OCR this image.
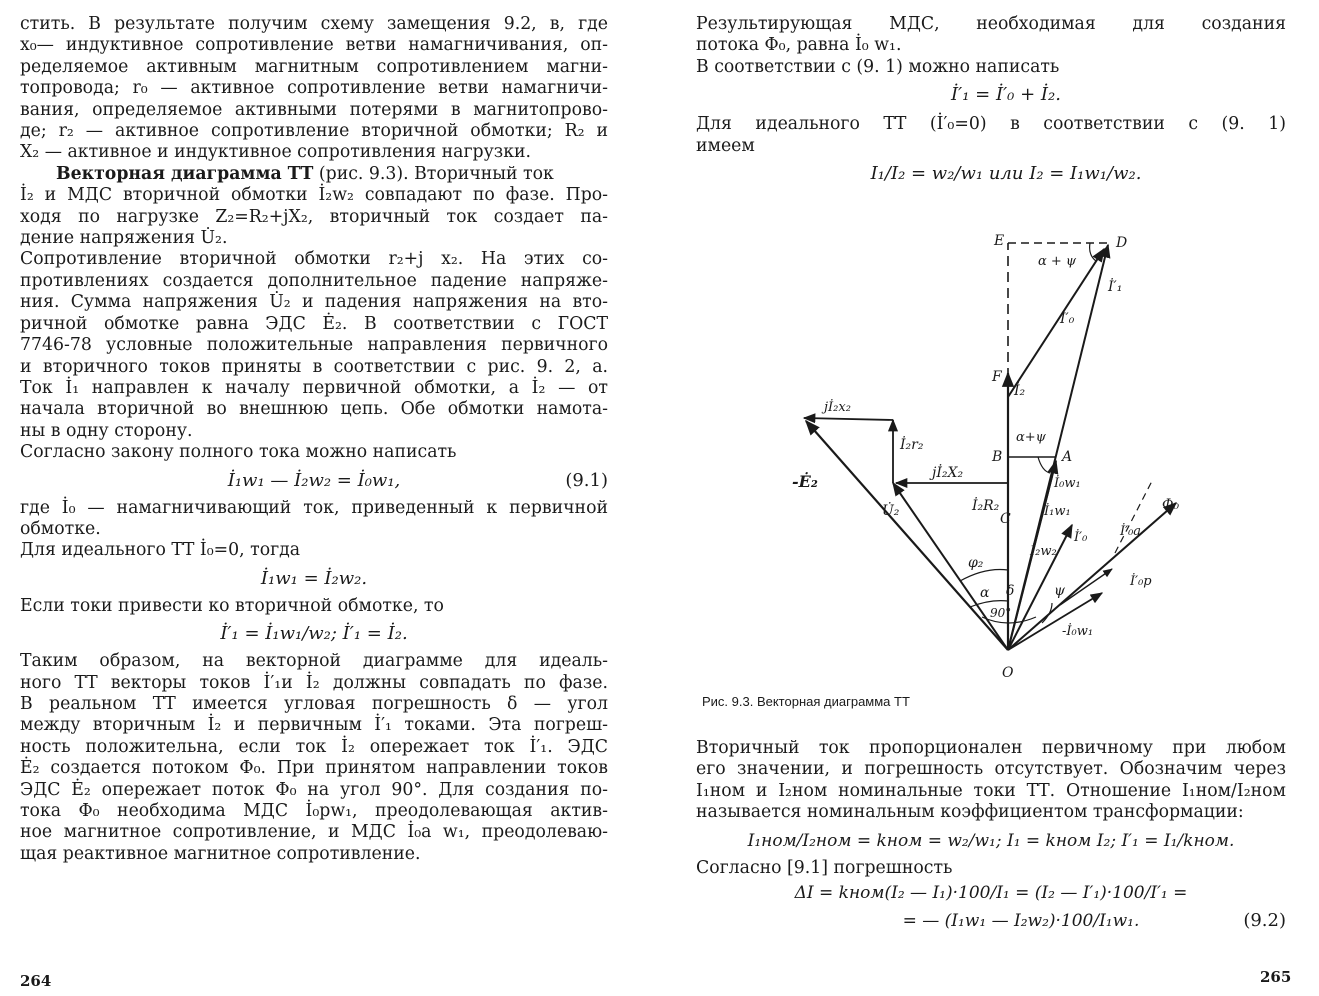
стить. В результате получим схему замещения 9.2, в, где
x₀— индуктивное сопротивление ветви намагничивания, оп-
ределяемое активным магнитным сопротивлением магни-
топровода; r₀ — активное сопротивление ветви намагничи-
вания, определяемое активными потерями в магнитопрово-
де; r₂ — активное сопротивление вторичной обмотки; R₂ и
X₂ — активное и индуктивное сопротивления нагрузки.
Векторная диаграмма ТТ (рис. 9.3). Вторичный ток
İ₂ и МДС вторичной обмотки İ₂w₂ совпадают по фазе. Про-
ходя по нагрузке Z₂=R₂+jX₂, вторичный ток создает па-
дение напряжения U̇₂.
Сопротивление вторичной обмотки r₂+j x₂. На этих со-
противлениях создается дополнительное падение напряже-
ния. Сумма напряжения U̇₂ и падения напряжения на вто-
ричной обмотке равна ЭДС Ė₂. В соответствии с ГОСТ
7746-78 условные положительные направления первичного
и вторичного токов приняты в соответствии с рис. 9. 2, а.
Ток İ₁ направлен к началу первичной обмотки, а İ₂ — от
начала вторичной во внешнюю цепь. Обе обмотки намота-
ны в одну сторону.
Согласно закону полного тока можно написать
İ₁w₁ — İ₂w₂ = İ₀w₁,	(9.1)
где İ₀ — намагничивающий ток, приведенный к первичной
обмотке.
Для идеального ТТ İ₀=0, тогда
İ₁w₁ = İ₂w₂.
Если токи привести ко вторичной обмотке, то
İ′₁ = İ₁w₁/w₂; İ′₁ = İ₂.
Таким образом, на векторной диаграмме для идеаль-
ного ТТ векторы токов İ′₁и İ₂ должны совпадать по фазе.
В реальном ТТ имеется угловая погрешность δ — угол
между вторичным İ₂ и первичным İ′₁ токами. Эта погреш-
ность положительна, если ток İ₂ опережает ток İ′₁. ЭДС
Ė₂ создается потоком Φ₀. При принятом направлении токов
ЭДС Ė₂ опережает поток Φ₀ на угол 90°. Для создания по-
тока Φ₀ необходима МДС İ₀pw₁, преодолевающая актив-
ное магнитное сопротивление, и МДС İ₀a w₁, преодолеваю-
щая реактивное магнитное сопротивление.
264
Результирующая МДС, необходимая для создания
потока Φ₀, равна İ₀ w₁.
В соответствии с (9. 1) можно написать
İ′₁ = İ′₀ + İ₂.
Для идеального ТТ (İ′₀=0) в соответствии с (9. 1)
имеем
I₁/I₂ = w₂/w₁ или I₂ = I₁w₁/w₂.
E	D
α + ψ
İ′₁
İ′₀
F
İ₂
jİ₂x₂
İ₂r₂	α+ψ
B	A
jİ₂X₂
İ₀w₁
-Ė₂
İ₂R₂	İ₁w₁
U̇₂	C
Φ₀
İ′₀a
İ′₀
İ₂w₂
φ₂
İ′₀p
α δ	ψ
90°
-İ₀w₁
O
Рис. 9.3. Векторная диаграмма ТТ
Вторичный ток пропорционален первичному при любом
его значении, и погрешность отсутствует. Обозначим через
I₁ном и I₂ном номинальные токи ТТ. Отношение I₁ном/I₂ном
называется номинальным коэффициентом трансформации:
I₁ном/I₂ном = kном = w₂/w₁; I₁ = kном I₂; I′₁ = I₁/kном.
Согласно [9.1] погрешность
ΔI = kном(I₂ — I₁)·100/I₁ = (I₂ — I′₁)·100/I′₁ =
= — (I₁w₁ — I₂w₂)·100/I₁w₁.	(9.2)
265
